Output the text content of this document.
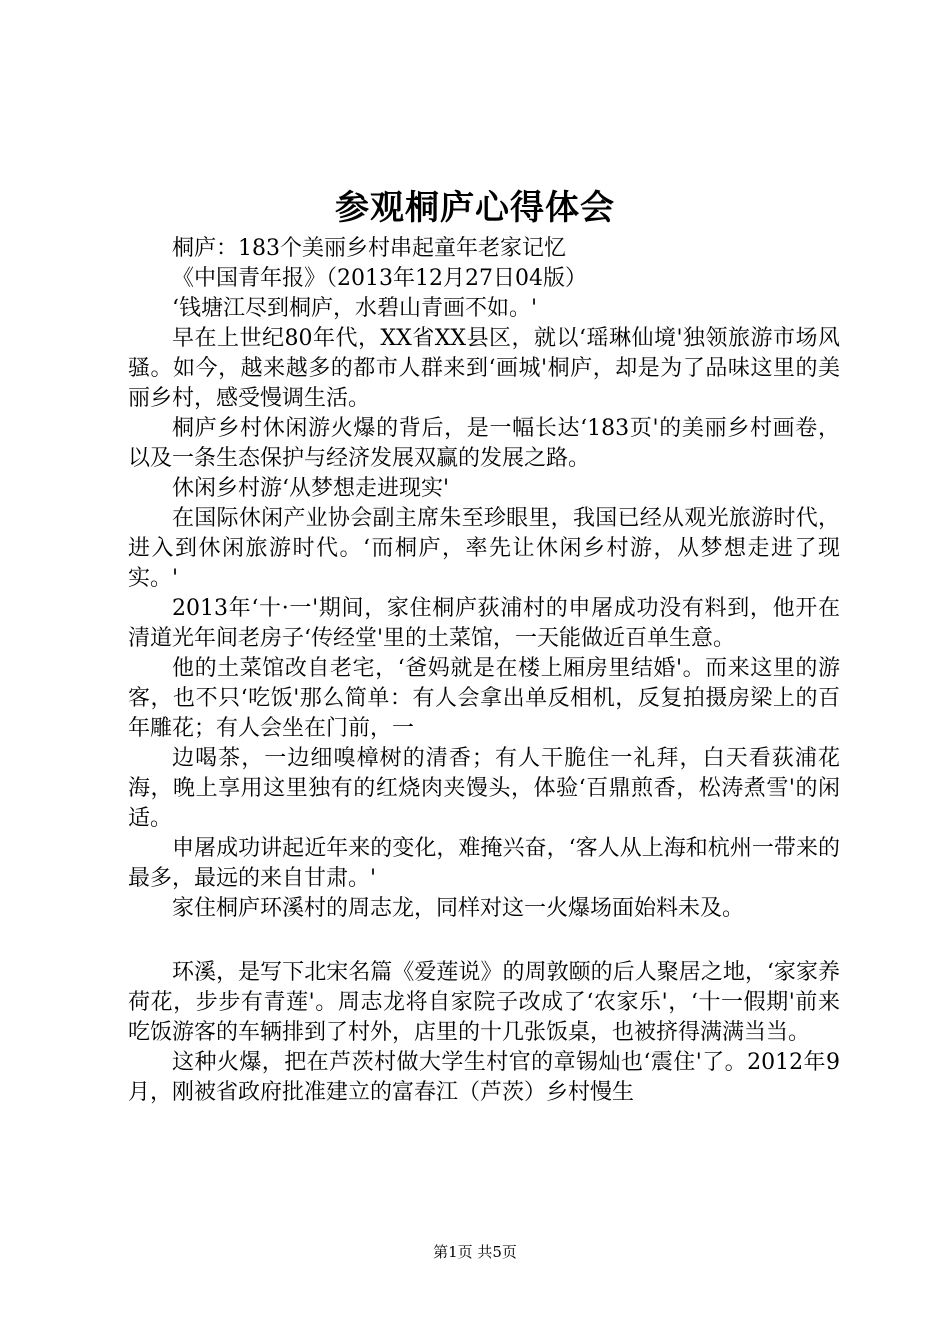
参观桐庐心得体会

桐庐：183个美丽乡村串起童年老家记忆

《中国青年报》（2013年12月27日04版）

‘钱塘江尽到桐庐，水碧山青画不如。'

早在上世纪80年代，XX省XX县区，就以‘瑶琳仙境'独领旅游市场风骚。如今，越来越多的都市人群来到‘画城'桐庐，却是为了品味这里的美丽乡村，感受慢调生活。

桐庐乡村休闲游火爆的背后，是一幅长达‘183页'的美丽乡村画卷，以及一条生态保护与经济发展双赢的发展之路。

休闲乡村游‘从梦想走进现实'

在国际休闲产业协会副主席朱至珍眼里，我国已经从观光旅游时代，进入到休闲旅游时代。‘而桐庐，率先让休闲乡村游，从梦想走进了现实。'

2013年‘十·一'期间，家住桐庐荻浦村的申屠成功没有料到，他开在清道光年间老房子‘传经堂'里的土菜馆，一天能做近百单生意。

他的土菜馆改自老宅，‘爸妈就是在楼上厢房里结婚'。而来这里的游客，也不只‘吃饭'那么简单：有人会拿出单反相机，反复拍摄房梁上的百年雕花；有人会坐在门前，一

边喝茶，一边细嗅樟树的清香；有人干脆住一礼拜，白天看荻浦花海，晚上享用这里独有的红烧肉夹馒头，体验‘百鼎煎香，松涛煮雪'的闲适。

申屠成功讲起近年来的变化，难掩兴奋，‘客人从上海和杭州一带来的最多，最远的来自甘肃。'

家住桐庐环溪村的周志龙，同样对这一火爆场面始料未及。

环溪，是写下北宋名篇《爱莲说》的周敦颐的后人聚居之地，‘家家养荷花，步步有青莲'。周志龙将自家院子改成了‘农家乐'，‘十一假期'前来吃饭游客的车辆排到了村外，店里的十几张饭桌，也被挤得满满当当。

这种火爆，把在芦茨村做大学生村官的章锡灿也‘震住'了。2012年9月，刚被省政府批准建立的富春江（芦茨）乡村慢生

第1页 共5页
